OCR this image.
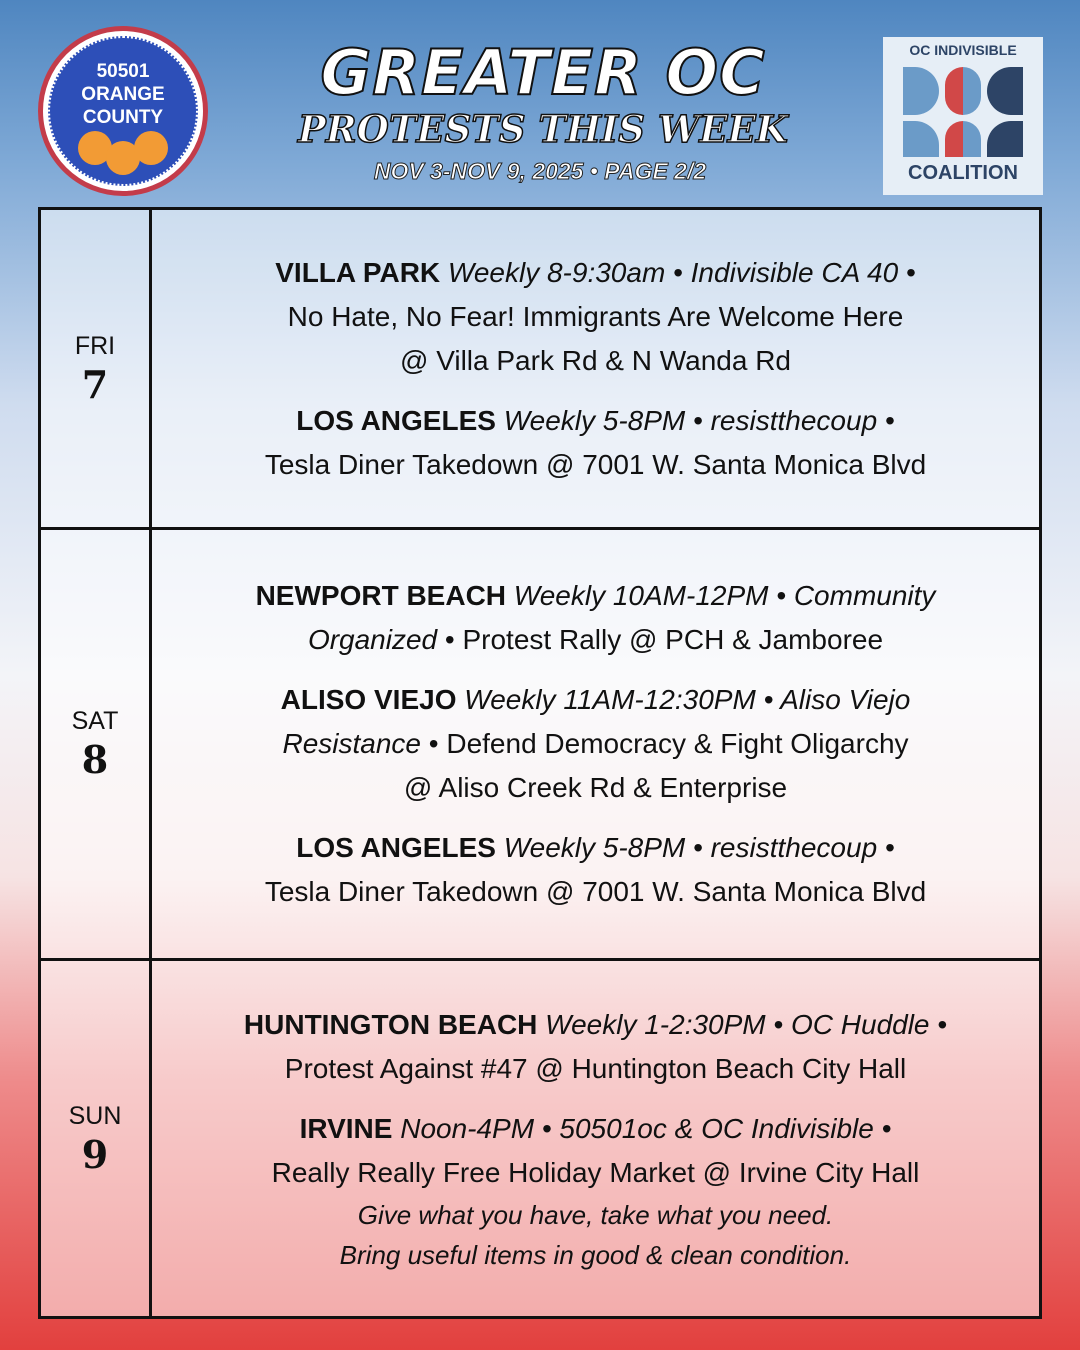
50501
ORANGE
COUNTY
GREATER OC
PROTESTS THIS WEEK
NOV 3-NOV 9, 2025 • PAGE 2/2
OC INDIVISIBLE
COALITION
FRI
7
VILLA PARK Weekly 8-9:30am • Indivisible CA 40 •
No Hate, No Fear! Immigrants Are Welcome Here
@ Villa Park Rd & N Wanda Rd
LOS ANGELES Weekly 5-8PM • resistthecoup •
Tesla Diner Takedown @ 7001 W. Santa Monica Blvd
SAT
8
NEWPORT BEACH Weekly 10AM-12PM • Community
Organized • Protest Rally @ PCH & Jamboree
ALISO VIEJO Weekly 11AM-12:30PM • Aliso Viejo
Resistance • Defend Democracy & Fight Oligarchy
@ Aliso Creek Rd & Enterprise
LOS ANGELES Weekly 5-8PM • resistthecoup •
Tesla Diner Takedown @ 7001 W. Santa Monica Blvd
SUN
9
HUNTINGTON BEACH Weekly 1-2:30PM • OC Huddle •
Protest Against #47 @ Huntington Beach City Hall
IRVINE Noon-4PM • 50501oc & OC Indivisible •
Really Really Free Holiday Market @ Irvine City Hall
Give what you have, take what you need.
Bring useful items in good & clean condition.
